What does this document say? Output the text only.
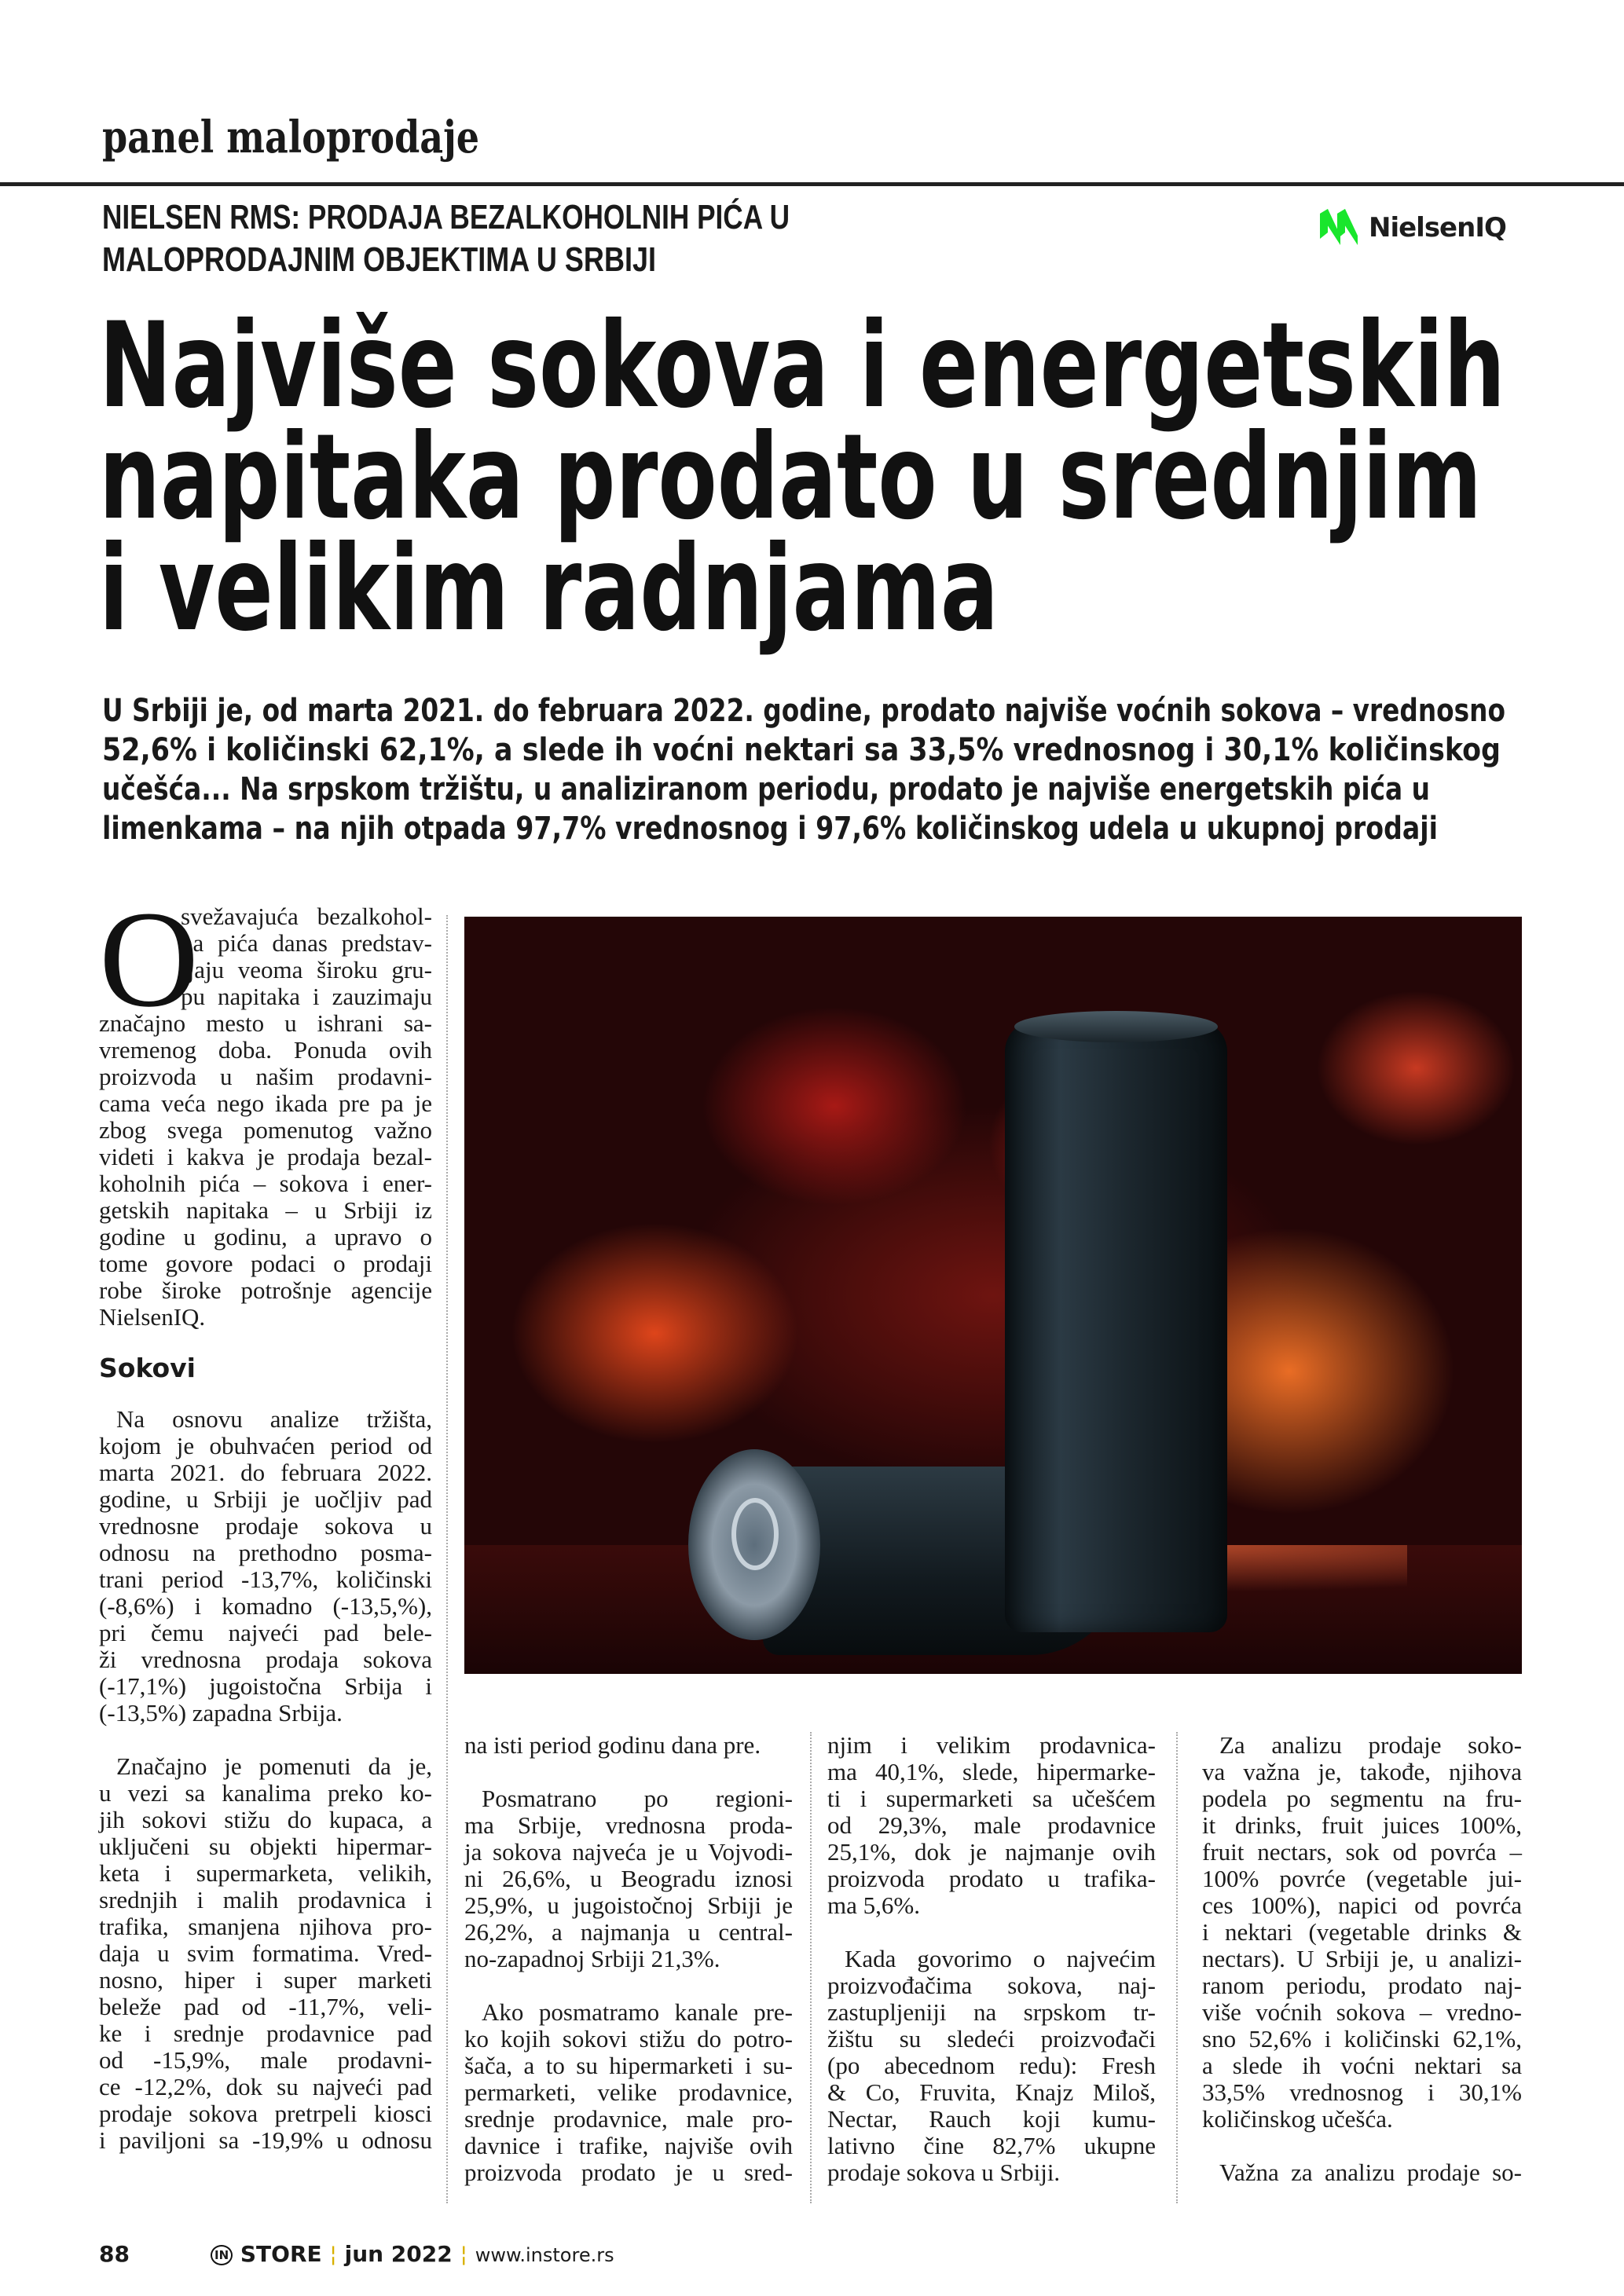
panel maloprodaje
NIELSEN RMS: PRODAJA BEZALKOHOLNIH PIĆA U
MALOPRODAJNIM OBJEKTIMA U SRBIJI
NielsenIQ
Najviše sokova i energetskih
napitaka prodato u srednjim
i velikim radnjama
U Srbiji je, od marta 2021. do februara 2022. godine, prodato najviše voćnih sokova – vrednosno
52,6% i količinski 62,1%, a slede ih voćni nektari sa 33,5% vrednosnog i 30,1% količinskog
učešća... Na srpskom tržištu, u analiziranom periodu, prodato je najviše energetskih pića u
limenkama – na njih otpada 97,7% vrednosnog i 97,6% količinskog udela u ukupnoj prodaji
O
svežavajuća bezalkohol-
na pića danas predstav-
ljaju veoma široku gru-
pu napitaka i zauzimaju
značajno mesto u ishrani sa-
vremenog doba. Ponuda ovih
proizvoda u našim prodavni-
cama veća nego ikada pre pa je
zbog svega pomenutog važno
videti i kakva je prodaja bezal-
koholnih pića – sokova i ener-
getskih napitaka – u Srbiji iz
godine u godinu, a upravo o
tome govore podaci o prodaji
robe široke potrošnje agencije
NielsenIQ.
Sokovi
Na osnovu analize tržišta,
kojom je obuhvaćen period od
marta 2021. do februara 2022.
godine, u Srbiji je uočljiv pad
vrednosne prodaje sokova u
odnosu na prethodno posma-
trani period -13,7%, količinski
(-8,6%) i komadno (-13,5,%),
pri čemu najveći pad bele-
ži vrednosna prodaja sokova
(-17,1%) jugoistočna Srbija i
(-13,5%) zapadna Srbija.
Značajno je pomenuti da je,
u vezi sa kanalima preko ko-
jih sokovi stižu do kupaca, a
uključeni su objekti hipermar-
keta i supermarketa, velikih,
srednjih i malih prodavnica i
trafika, smanjena njihova pro-
daja u svim formatima. Vred-
nosno, hiper i super marketi
beleže pad od -11,7%, veli-
ke i srednje prodavnice pad
od -15,9%, male prodavni-
ce -12,2%, dok su najveći pad
prodaje sokova pretrpeli kiosci
i paviljoni sa -19,9% u odnosu
na isti period godinu dana pre.
Posmatrano po regioni-
ma Srbije, vrednosna proda-
ja sokova najveća je u Vojvodi-
ni 26,6%, u Beogradu iznosi
25,9%, u jugoistočnoj Srbiji je
26,2%, a najmanja u central-
no-zapadnoj Srbiji 21,3%.
Ako posmatramo kanale pre-
ko kojih sokovi stižu do potro-
šača, a to su hipermarketi i su-
permarketi, velike prodavnice,
srednje prodavnice, male pro-
davnice i trafike, najviše ovih
proizvoda prodato je u sred-
njim i velikim prodavnica-
ma 40,1%, slede, hipermarke-
ti i supermarketi sa učešćem
od 29,3%, male prodavnice
25,1%, dok je najmanje ovih
proizvoda prodato u trafika-
ma 5,6%.
Kada govorimo o najvećim
proizvođačima sokova, naj-
zastupljeniji na srpskom tr-
žištu su sledeći proizvođači
(po abecednom redu): Fresh
& Co, Fruvita, Knajz Miloš,
Nectar, Rauch koji kumu-
lativno čine 82,7% ukupne
prodaje sokova u Srbiji.
Za analizu prodaje soko-
va važna je, takođe, njihova
podela po segmentu na fru-
it drinks, fruit juices 100%,
fruit nectars, sok od povrća –
100% povrće (vegetable jui-
ces 100%), napici od povrća
i nektari (vegetable drinks &
nectars). U Srbiji je, u analizi-
ranom periodu, prodato naj-
više voćnih sokova – vredno-
sno 52,6% i količinski 62,1%,
a slede ih voćni nektari sa
33,5% vrednosnog i 30,1%
količinskog učešća.
Važna za analizu prodaje so-
88	IN STORE ¦ jun 2022 ¦ www.instore.rs
